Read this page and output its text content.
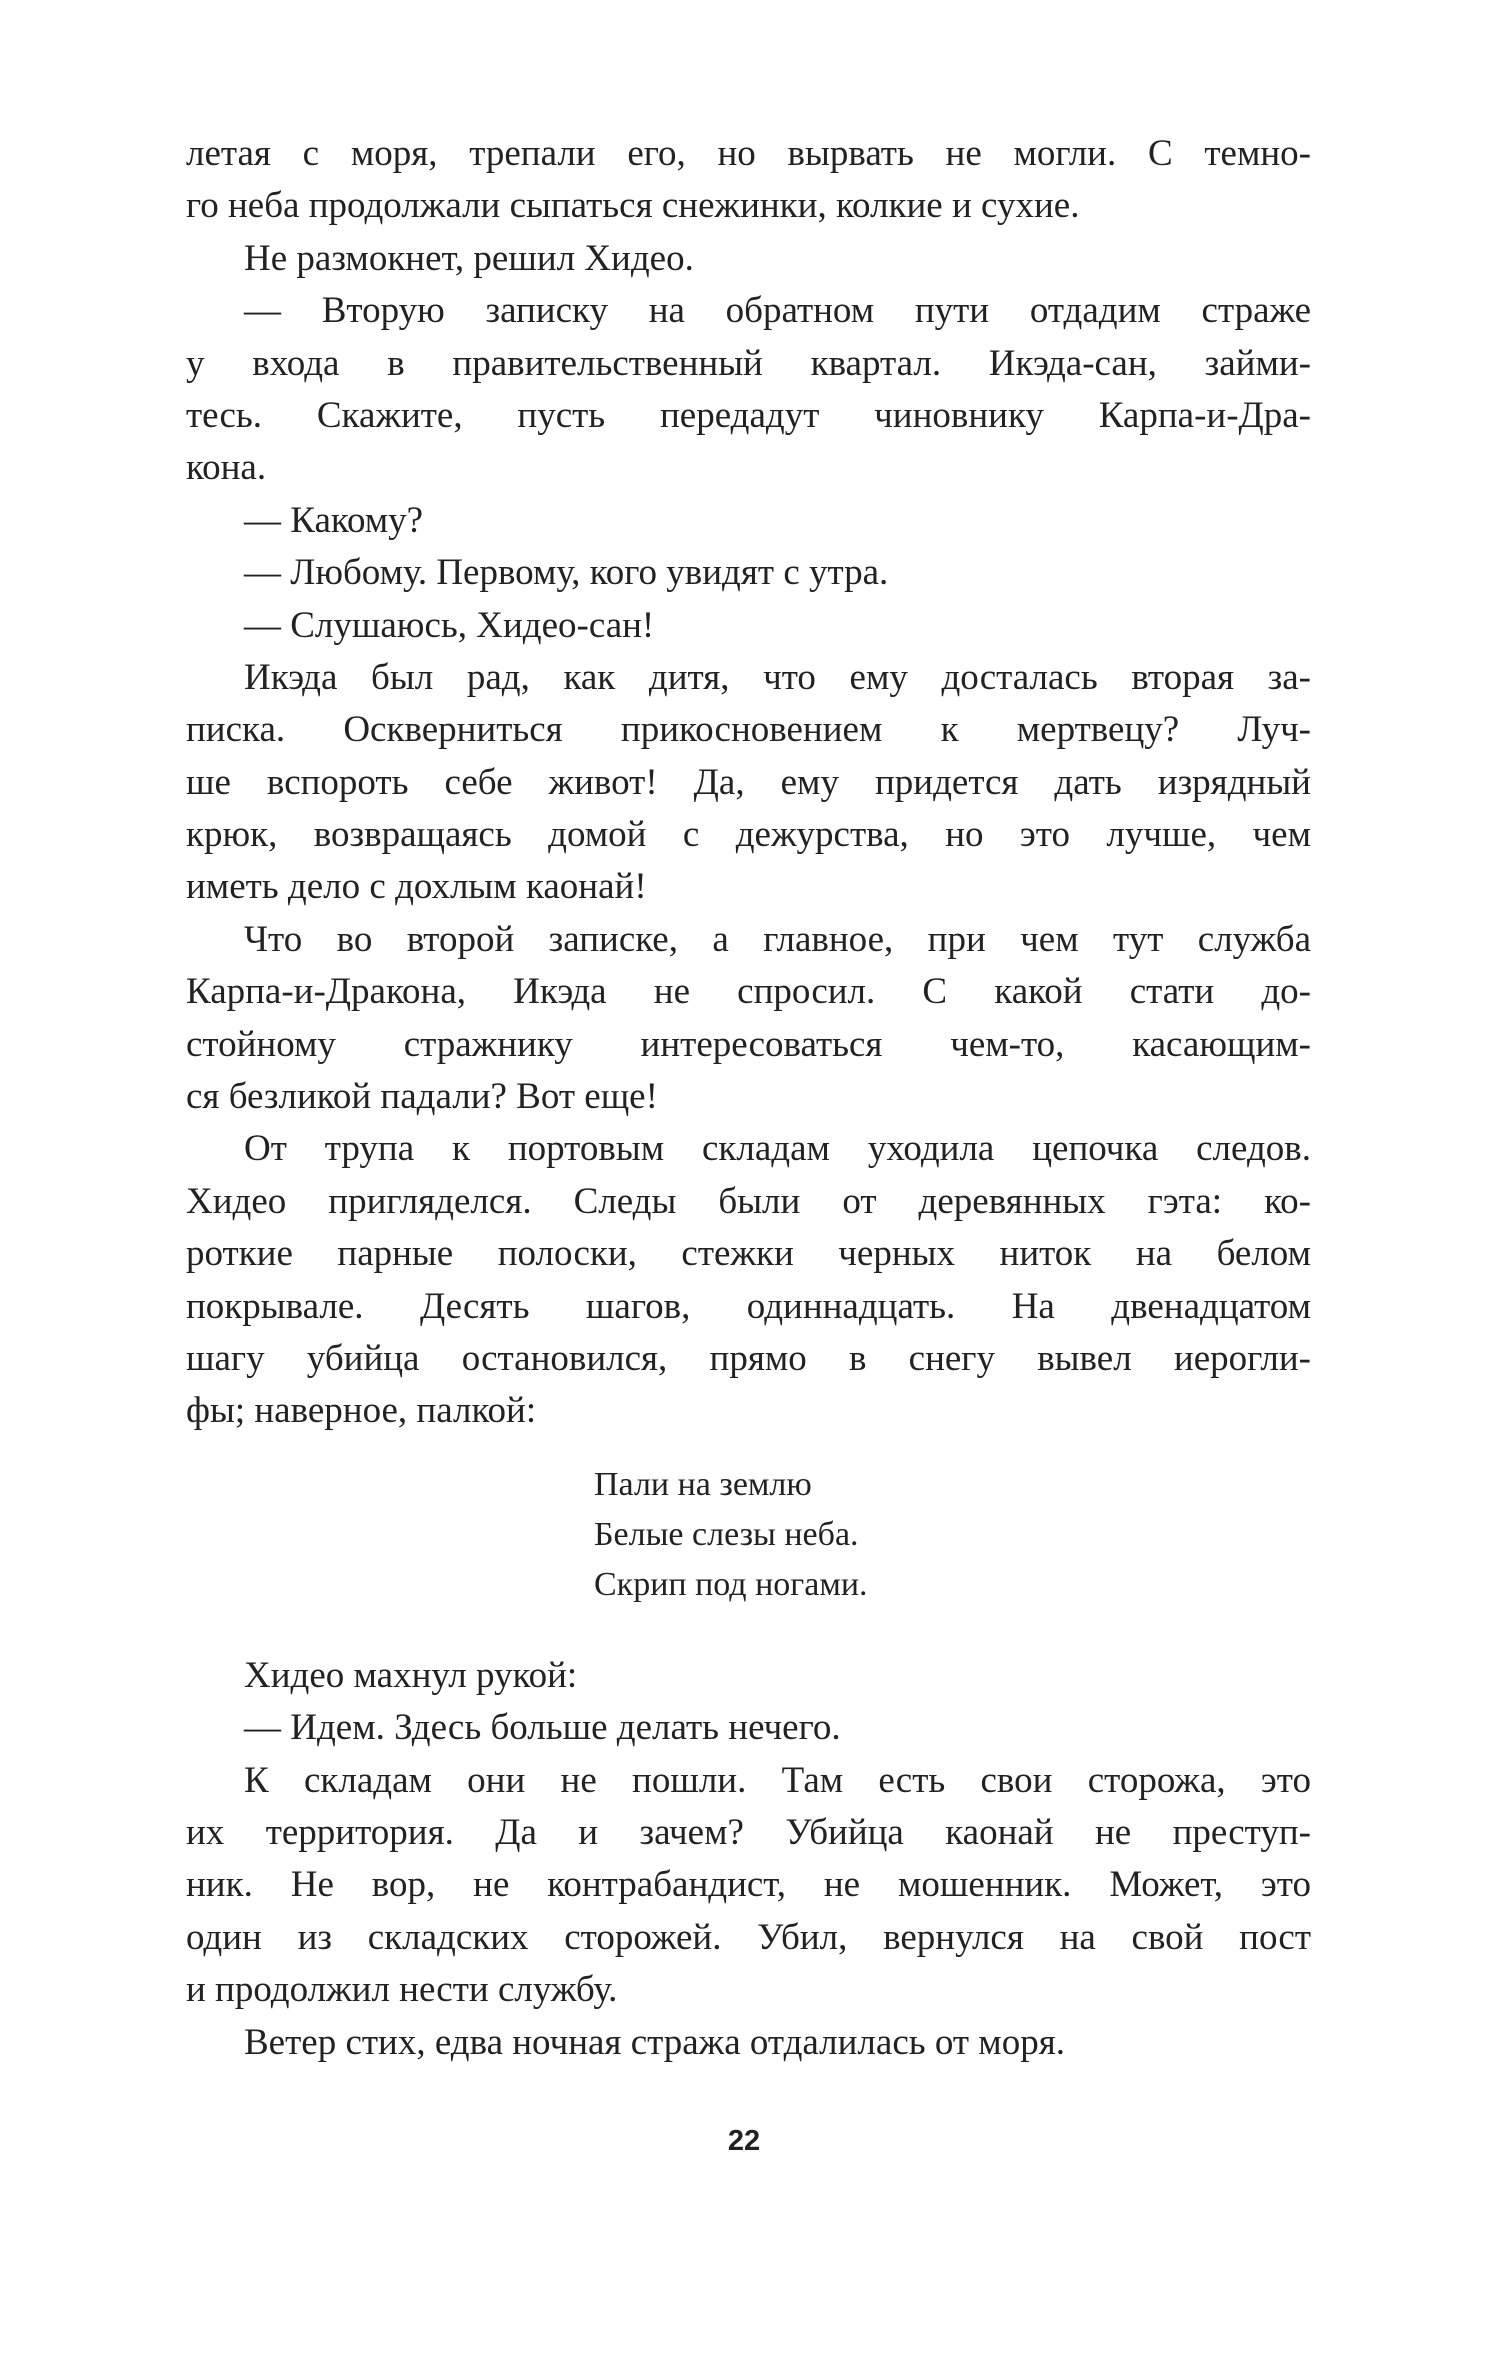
летая с моря, трепали его, но вырвать не могли. С темно-
го неба продолжали сыпаться снежинки, колкие и сухие.
Не размокнет, решил Хидео.
— Вторую записку на обратном пути отдадим страже
у входа в правительственный квартал. Икэда-сан, займи-
тесь. Скажите, пусть передадут чиновнику Карпа-и-Дра-
кона.
— Какому?
— Любому. Первому, кого увидят с утра.
— Слушаюсь, Хидео-сан!
Икэда был рад, как дитя, что ему досталась вторая за-
писка. Осквернитьcя прикосновением к мертвецу? Луч-
ше вспороть себе живот! Да, ему придется дать изрядный
крюк, возвращаясь домой с дежурства, но это лучше, чем
иметь дело с дохлым каонай!
Что во второй записке, а главное, при чем тут служба
Карпа-и-Дракона, Икэда не спросил. С какой стати до-
стойному стражнику интересоваться чем-то, касающим-
ся безликой падали? Вот еще!
От трупа к портовым складам уходила цепочка следов.
Хидео пригляделся. Следы были от деревянных гэта: ко-
роткие парные полоски, стежки черных ниток на белом
покрывале. Десять шагов, одиннадцать. На двенадцатом
шагу убийца остановился, прямо в снегу вывел иерогли-
фы; наверное, палкой:
Пали на землю
Белые слезы неба.
Скрип под ногами.
Хидео махнул рукой:
— Идем. Здесь больше делать нечего.
К складам они не пошли. Там есть свои сторожа, это
их территория. Да и зачем? Убийца каонай не преступ-
ник. Не вор, не контрабандист, не мошенник. Может, это
один из складских сторожей. Убил, вернулся на свой пост
и продолжил нести службу.
Ветер стих, едва ночная стража отдалилась от моря.
22
